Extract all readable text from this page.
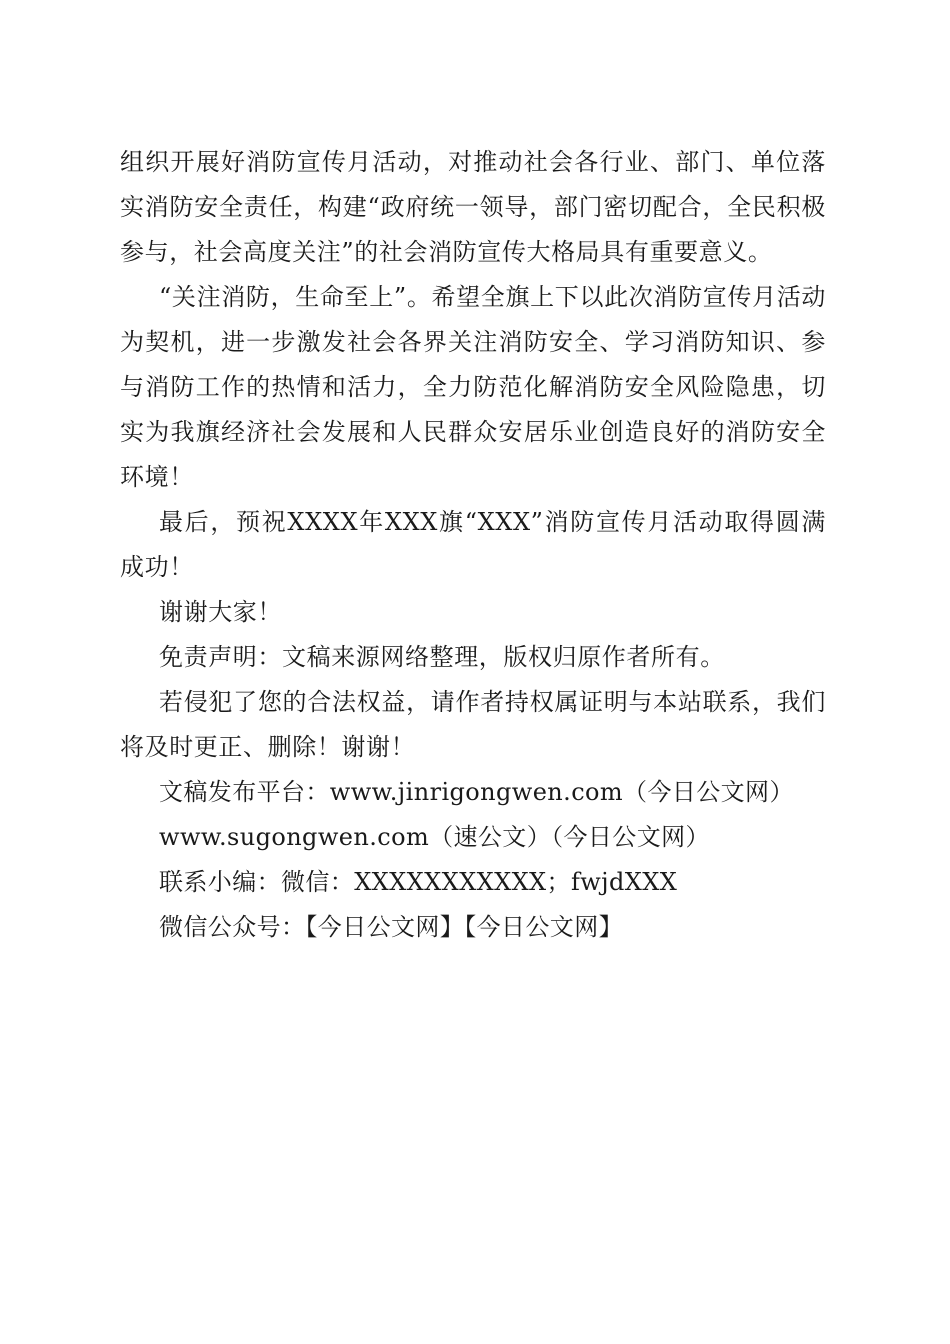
组织开展好消防宣传月活动，对推动社会各行业、部门、单位落实消防安全责任，构建“政府统一领导，部门密切配合，全民积极参与，社会高度关注”的社会消防宣传大格局具有重要意义。

“关注消防，生命至上”。希望全旗上下以此次消防宣传月活动为契机，进一步激发社会各界关注消防安全、学习消防知识、参与消防工作的热情和活力，全力防范化解消防安全风险隐患，切实为我旗经济社会发展和人民群众安居乐业创造良好的消防安全环境！

最后，预祝XXXX年XXX旗“XXX”消防宣传月活动取得圆满成功！

谢谢大家！

免责声明：文稿来源网络整理，版权归原作者所有。

若侵犯了您的合法权益，请作者持权属证明与本站联系，我们将及时更正、删除！谢谢！

文稿发布平台：www.jinrigongwen.com（今日公文网）

www.sugongwen.com（速公文）（今日公文网）

联系小编：微信：XXXXXXXXXXX；fwjdXXX

微信公众号：【今日公文网】【今日公文网】
